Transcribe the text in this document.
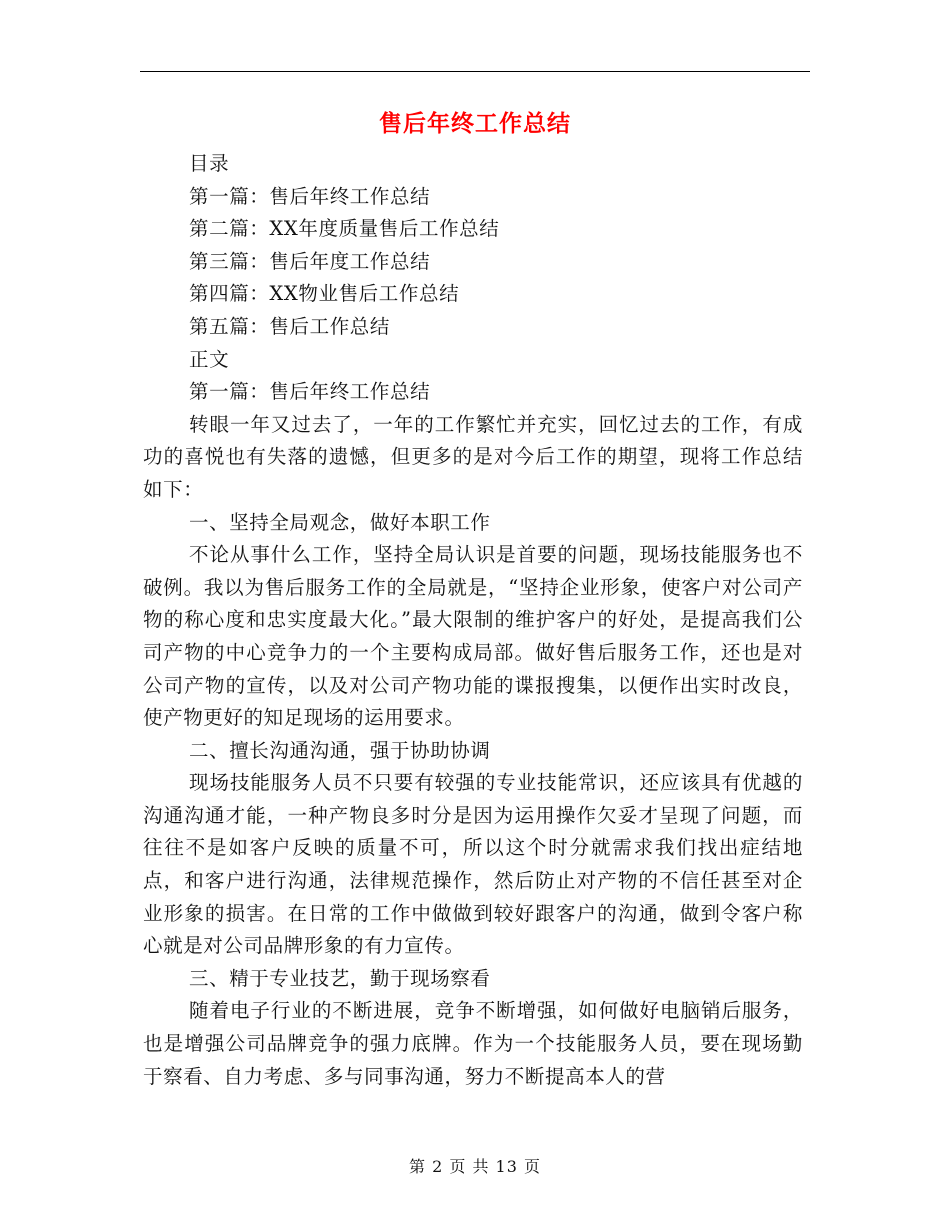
售后年终工作总结

目录

第一篇：售后年终工作总结

第二篇：XX年度质量售后工作总结

第三篇：售后年度工作总结

第四篇：XX物业售后工作总结

第五篇：售后工作总结

正文

第一篇：售后年终工作总结

转眼一年又过去了，一年的工作繁忙并充实，回忆过去的工作，有成功的喜悦也有失落的遗憾，但更多的是对今后工作的期望，现将工作总结如下：

一、坚持全局观念，做好本职工作

不论从事什么工作，坚持全局认识是首要的问题，现场技能服务也不破例。我以为售后服务工作的全局就是，“坚持企业形象，使客户对公司产物的称心度和忠实度最大化。”最大限制的维护客户的好处，是提高我们公司产物的中心竞争力的一个主要构成局部。做好售后服务工作，还也是对公司产物的宣传，以及对公司产物功能的谍报搜集，以便作出实时改良，使产物更好的知足现场的运用要求。

二、擅长沟通沟通，强于协助协调

现场技能服务人员不只要有较强的专业技能常识，还应该具有优越的沟通沟通才能，一种产物良多时分是因为运用操作欠妥才呈现了问题，而往往不是如客户反映的质量不可，所以这个时分就需求我们找出症结地点，和客户进行沟通，法律规范操作，然后防止对产物的不信任甚至对企业形象的损害。在日常的工作中做做到较好跟客户的沟通，做到令客户称心就是对公司品牌形象的有力宣传。

三、精于专业技艺，勤于现场察看

随着电子行业的不断进展，竞争不断增强，如何做好电脑销后服务，也是增强公司品牌竞争的强力底牌。作为一个技能服务人员，要在现场勤于察看、自力考虑、多与同事沟通，努力不断提高本人的营

第 2 页 共 13 页
